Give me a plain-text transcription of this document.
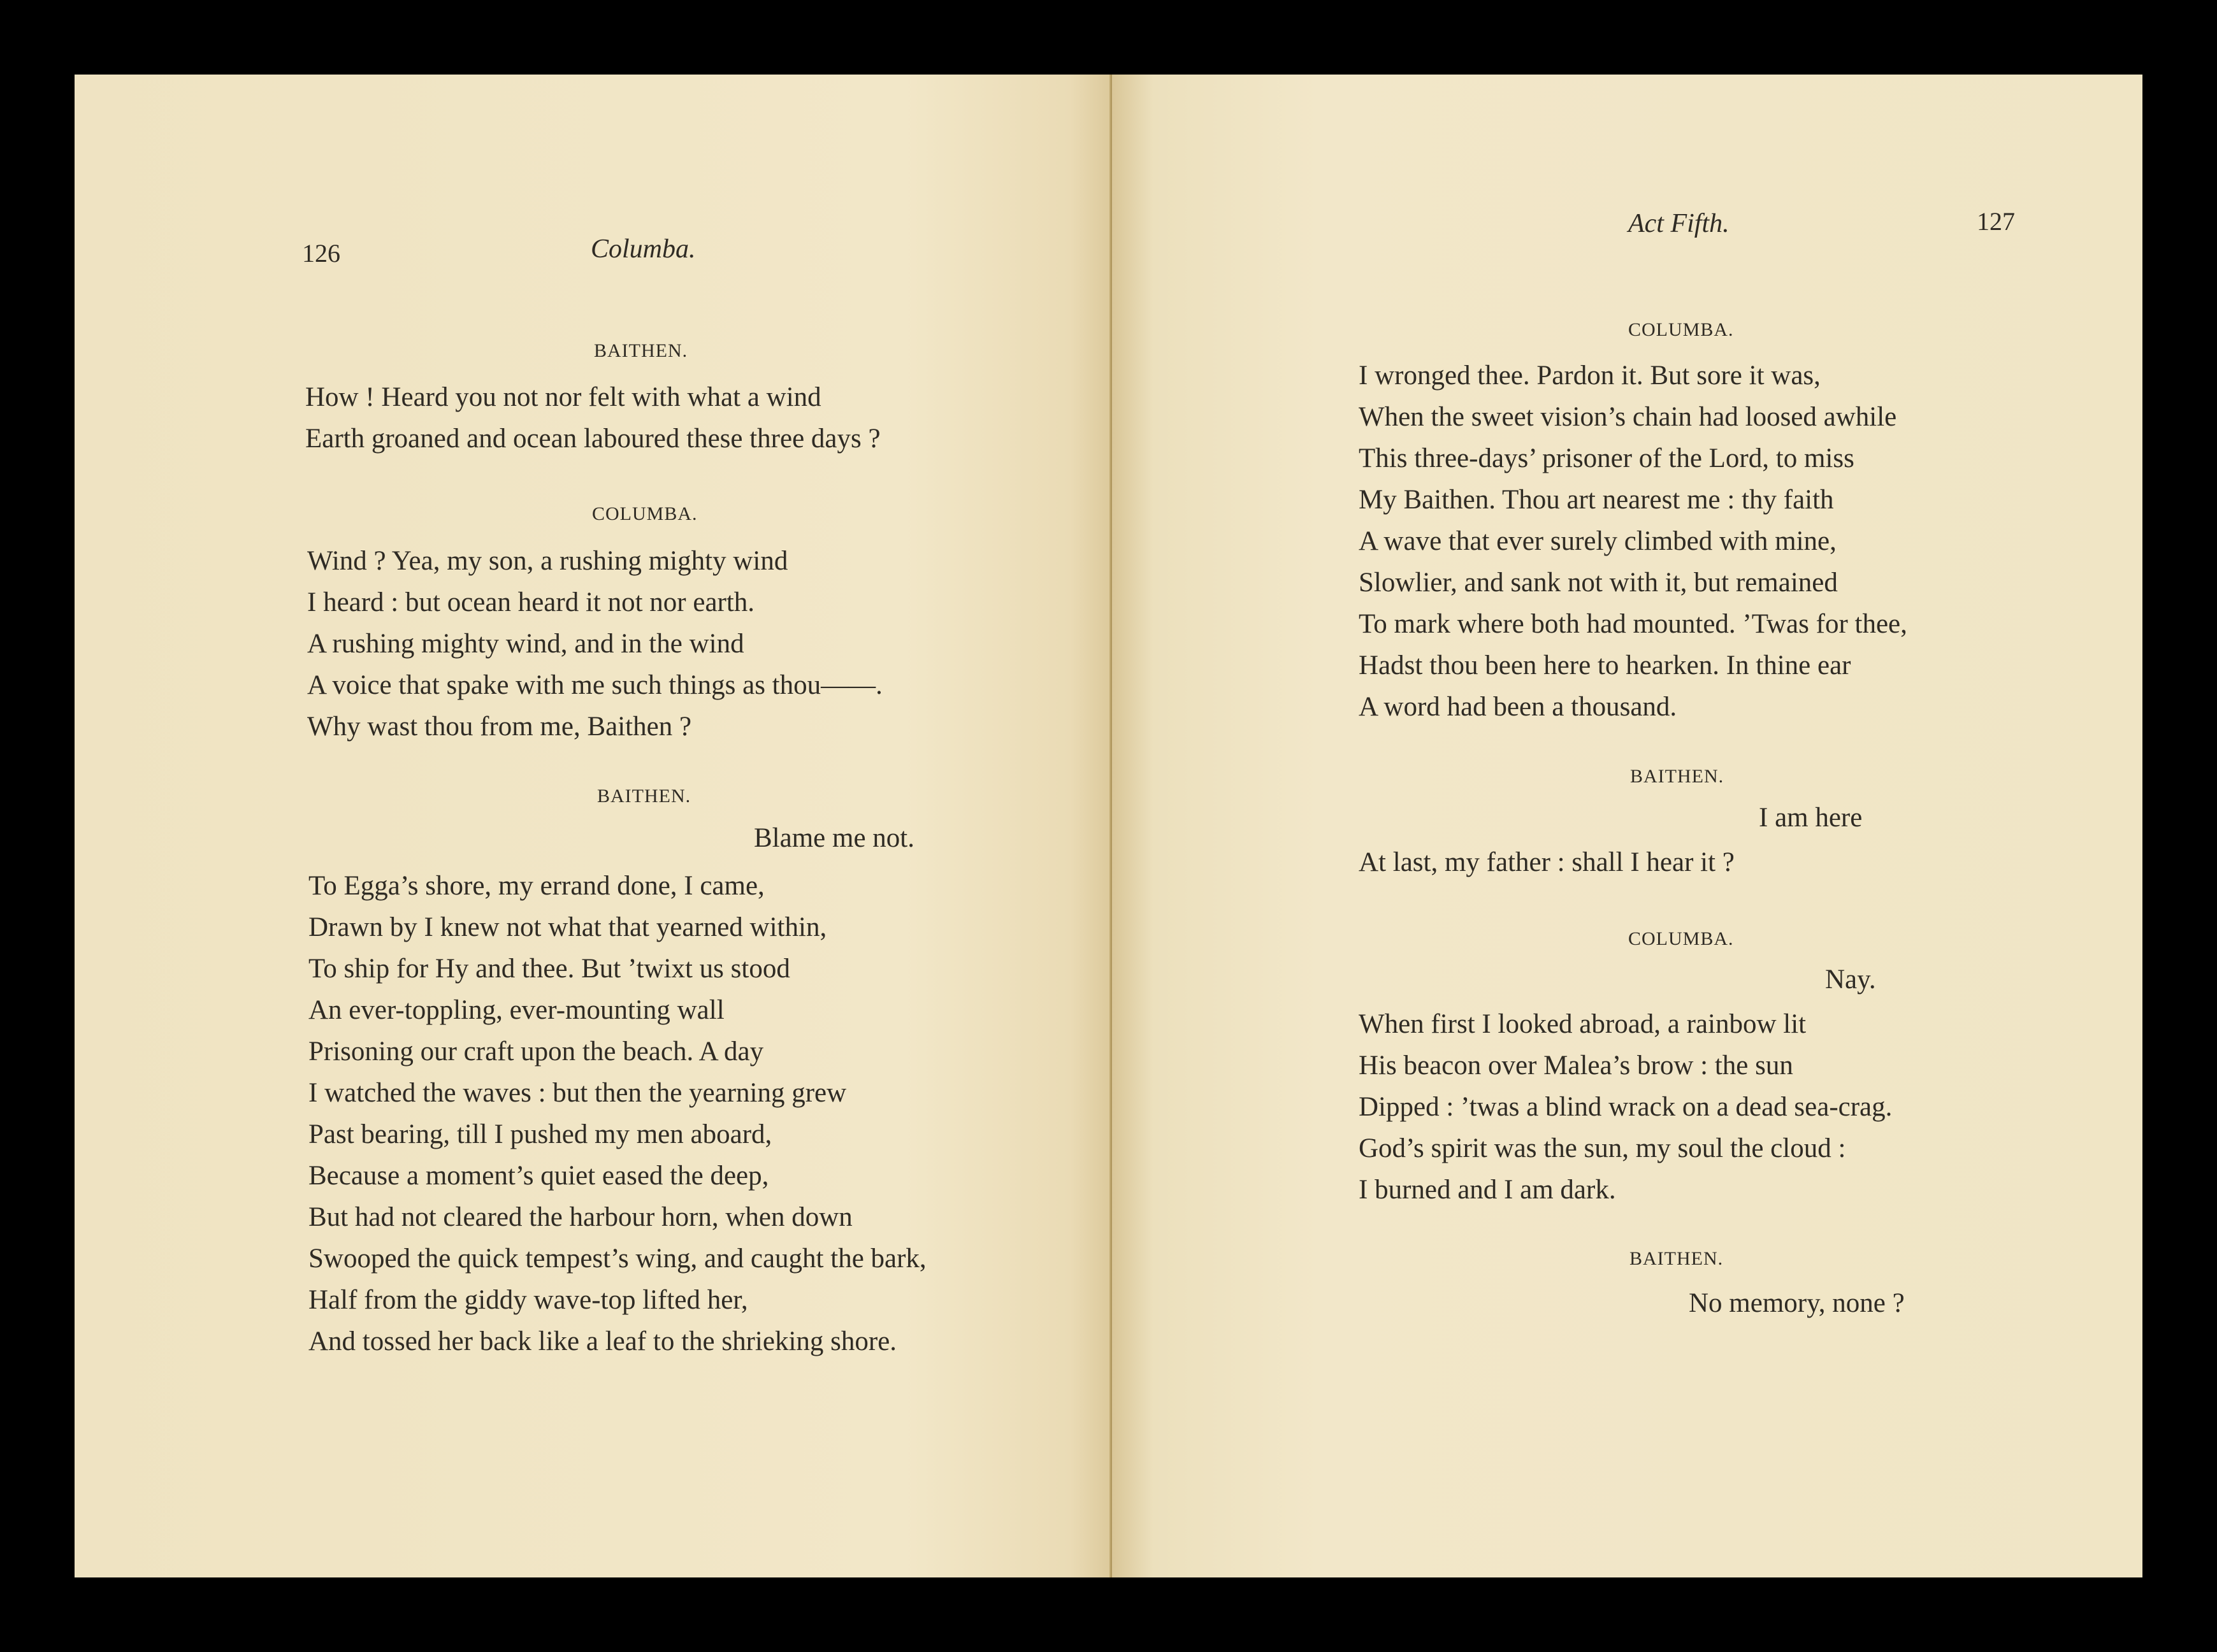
126	Columba.
BAITHEN.
How ! Heard you not nor felt with what a wind
Earth groaned and ocean laboured these three days ?
COLUMBA.
Wind ? Yea, my son, a rushing mighty wind
I heard : but ocean heard it not nor earth.
A rushing mighty wind, and in the wind
A voice that spake with me such things as thou——.
Why wast thou from me, Baithen ?
BAITHEN.
Blame me not.
To Egga’s shore, my errand done, I came,
Drawn by I knew not what that yearned within,
To ship for Hy and thee. But ’twixt us stood
An ever-toppling, ever-mounting wall
Prisoning our craft upon the beach. A day
I watched the waves : but then the yearning grew
Past bearing, till I pushed my men aboard,
Because a moment’s quiet eased the deep,
But had not cleared the harbour horn, when down
Swooped the quick tempest’s wing, and caught the bark,
Half from the giddy wave-top lifted her,
And tossed her back like a leaf to the shrieking shore.
Act Fifth.	127
COLUMBA.
I wronged thee. Pardon it. But sore it was,
When the sweet vision’s chain had loosed awhile
This three-days’ prisoner of the Lord, to miss
My Baithen. Thou art nearest me : thy faith
A wave that ever surely climbed with mine,
Slowlier, and sank not with it, but remained
To mark where both had mounted. ’Twas for thee,
Hadst thou been here to hearken. In thine ear
A word had been a thousand.
BAITHEN.
I am here
At last, my father : shall I hear it ?
COLUMBA.
Nay.
When first I looked abroad, a rainbow lit
His beacon over Malea’s brow : the sun
Dipped : ’twas a blind wrack on a dead sea-crag.
God’s spirit was the sun, my soul the cloud :
I burned and I am dark.
BAITHEN.
No memory, none ?
